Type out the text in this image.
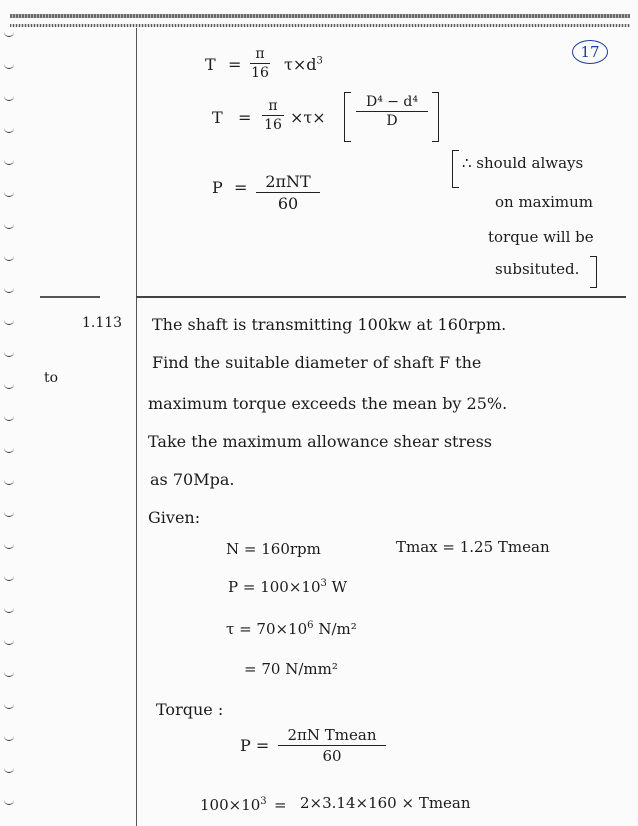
17
T =
π
16 $\tau\times d^3$
T =
π
16 ×τ×
D⁴ − d⁴
D
P = 2πNT
60
∴ should always
on maximum
torque will be
subsituted.
to
1.113 The shaft is transmitting 100kw at 160rpm.
Find the suitable diameter of shaft F the
maximum torque exceeds the mean by 25%.
Take the maximum allowance shear stress
as 70Mpa.
Given:
N = 160rpm	Tmax = 1.25 Tmean
$P = 100\times 10^3$ W
$\tau = 70\times 10^6$ N/m²
= 70 N/mm²
Torque :
P =
2πN Tmean
60
$100\times 10^3 = 2\times 3.14\times 160$ × Tmean
